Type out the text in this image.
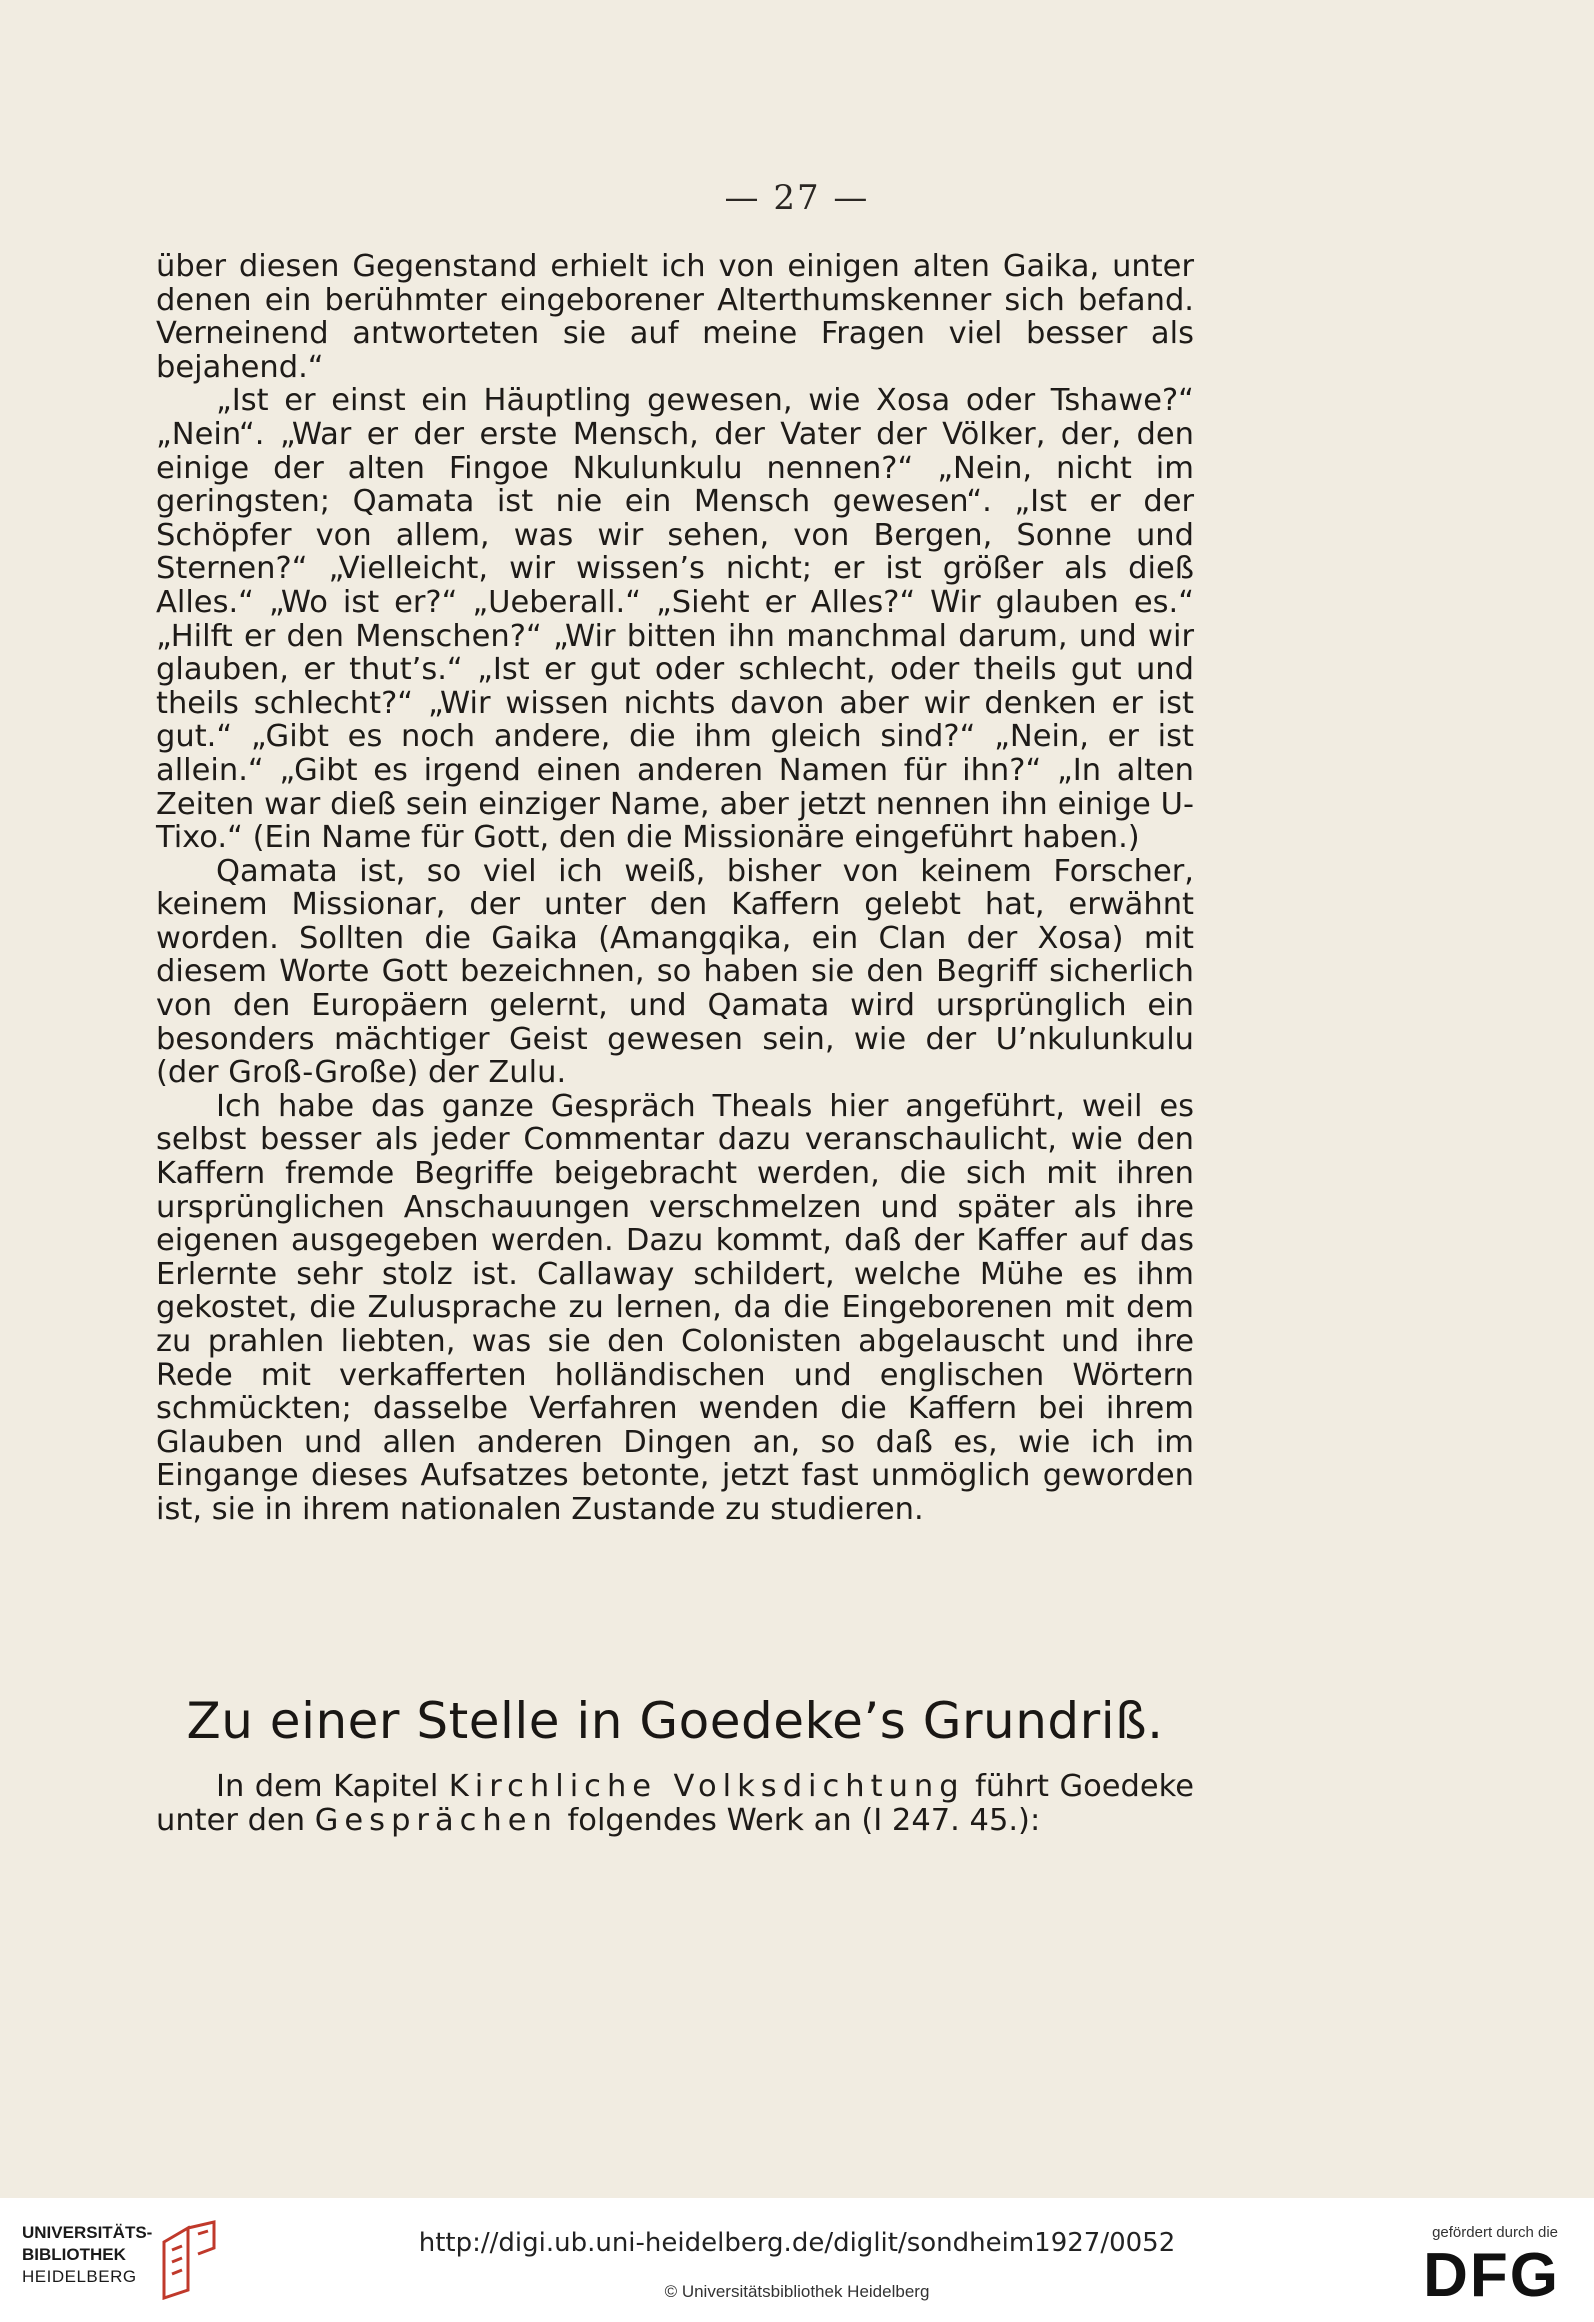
— 27 —

über diesen Gegenstand erhielt ich von einigen alten Gaika, unter denen ein berühmter eingeborener Alterthumskenner sich befand. Verneinend antworteten sie auf meine Fragen viel besser als bejahend.“

„Ist er einst ein Häuptling gewesen, wie Xosa oder Tshawe?“ „Nein“. „War er der erste Mensch, der Vater der Völker, der, den einige der alten Fingoe Nkulunkulu nennen?“ „Nein, nicht im geringsten; Qamata ist nie ein Mensch gewesen“. „Ist er der Schöpfer von allem, was wir sehen, von Bergen, Sonne und Sternen?“ „Vielleicht, wir wissen’s nicht; er ist größer als dieß Alles.“ „Wo ist er?“ „Ueberall.“ „Sieht er Alles?“ Wir glauben es.“ „Hilft er den Menschen?“ „Wir bitten ihn manchmal darum, und wir glauben, er thut’s.“ „Ist er gut oder schlecht, oder theils gut und theils schlecht?“ „Wir wissen nichts davon aber wir denken er ist gut.“ „Gibt es noch andere, die ihm gleich sind?“ „Nein, er ist allein.“ „Gibt es irgend einen anderen Namen für ihn?“ „In alten Zeiten war dieß sein einziger Name, aber jetzt nennen ihn einige U-Tixo.“ (Ein Name für Gott, den die Missionäre eingeführt haben.)

Qamata ist, so viel ich weiß, bisher von keinem Forscher, keinem Missionar, der unter den Kaffern gelebt hat, erwähnt worden. Sollten die Gaika (Amangqika, ein Clan der Xosa) mit diesem Worte Gott bezeichnen, so haben sie den Begriff sicherlich von den Europäern gelernt, und Qamata wird ursprünglich ein besonders mächtiger Geist gewesen sein, wie der U’nkulunkulu (der Groß-Große) der Zulu.

Ich habe das ganze Gespräch Theals hier angeführt, weil es selbst besser als jeder Commentar dazu veranschaulicht, wie den Kaffern fremde Begriffe beigebracht werden, die sich mit ihren ursprünglichen Anschauungen verschmelzen und später als ihre eigenen ausgegeben werden. Dazu kommt, daß der Kaffer auf das Erlernte sehr stolz ist. Callaway schildert, welche Mühe es ihm gekostet, die Zulusprache zu lernen, da die Eingeborenen mit dem zu prahlen liebten, was sie den Colonisten abgelauscht und ihre Rede mit verkafferten holländischen und englischen Wörtern schmückten; dasselbe Verfahren wenden die Kaffern bei ihrem Glauben und allen anderen Dingen an, so daß es, wie ich im Eingange dieses Aufsatzes betonte, jetzt fast unmöglich geworden ist, sie in ihrem nationalen Zustande zu studieren.

Zu einer Stelle in Goedeke’s Grundriß.

In dem Kapitel Kirchliche Volksdichtung führt Goedeke unter den Gesprächen folgendes Werk an (I 247. 45.):

UNIVERSITÄTS-
BIBLIOTHEK
HEIDELBERG
http://digi.ub.uni-heidelberg.de/diglit/sondheim1927/0052
© Universitätsbibliothek Heidelberg
gefördert durch die
DFG
